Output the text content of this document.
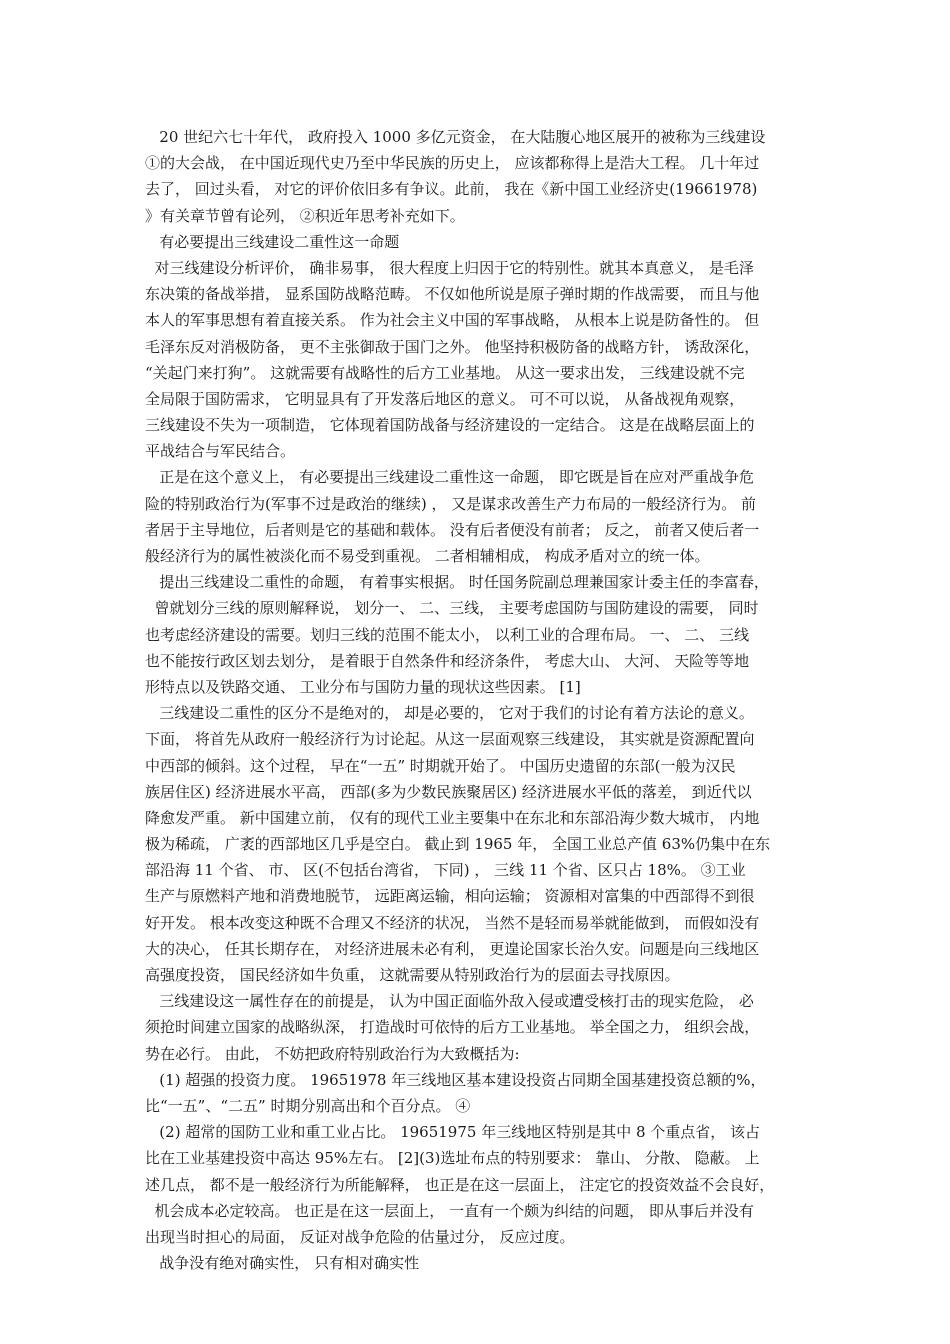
20 世纪六七十年代， 政府投入 1000 多亿元资金， 在大陆腹心地区展开的被称为三线建设
①的大会战， 在中国近现代史乃至中华民族的历史上， 应该都称得上是浩大工程。 几十年过
去了， 回过头看， 对它的评价依旧多有争议。此前， 我在《新中国工业经济史(19661978)
》有关章节曾有论列， ②积近年思考补充如下。
有必要提出三线建设二重性这一命题
对三线建设分析评价， 确非易事， 很大程度上归因于它的特别性。就其本真意义， 是毛泽
东决策的备战举措， 显系国防战略范畴。 不仅如他所说是原子弹时期的作战需要， 而且与他
本人的军事思想有着直接关系。 作为社会主义中国的军事战略， 从根本上说是防备性的。 但
毛泽东反对消极防备， 更不主张御敌于国门之外。 他坚持积极防备的战略方针， 诱敌深化，
“关起门来打狗”。 这就需要有战略性的后方工业基地。 从这一要求出发， 三线建设就不完
全局限于国防需求， 它明显具有了开发落后地区的意义。 可不可以说， 从备战视角观察，
三线建设不失为一项制造， 它体现着国防战备与经济建设的一定结合。 这是在战略层面上的
平战结合与军民结合。
正是在这个意义上， 有必要提出三线建设二重性这一命题， 即它既是旨在应对严重战争危
险的特别政治行为(军事不过是政治的继续) ， 又是谋求改善生产力布局的一般经济行为。 前
者居于主导地位，后者则是它的基础和载体。 没有后者便没有前者； 反之， 前者又使后者一
般经济行为的属性被淡化而不易受到重视。 二者相辅相成， 构成矛盾对立的统一体。
提出三线建设二重性的命题， 有着事实根据。 时任国务院副总理兼国家计委主任的李富春，
曾就划分三线的原则解释说， 划分一、 二、三线， 主要考虑国防与国防建设的需要， 同时
也考虑经济建设的需要。划归三线的范围不能太小， 以利工业的合理布局。 一、 二、 三线
也不能按行政区划去划分， 是着眼于自然条件和经济条件， 考虑大山、 大河、 天险等等地
形特点以及铁路交通、 工业分布与国防力量的现状这些因素。 [1]
三线建设二重性的区分不是绝对的， 却是必要的， 它对于我们的讨论有着方法论的意义。
下面， 将首先从政府一般经济行为讨论起。从这一层面观察三线建设， 其实就是资源配置向
中西部的倾斜。这个过程， 早在“一五” 时期就开始了。 中国历史遗留的东部(一般为汉民
族居住区) 经济进展水平高， 西部(多为少数民族聚居区) 经济进展水平低的落差， 到近代以
降愈发严重。 新中国建立前， 仅有的现代工业主要集中在东北和东部沿海少数大城市， 内地
极为稀疏， 广袤的西部地区几乎是空白。 截止到 1965 年， 全国工业总产值 63%仍集中在东
部沿海 11 个省、 市、 区(不包括台湾省， 下同) ， 三线 11 个省、区只占 18%。 ③工业
生产与原燃料产地和消费地脱节， 远距离运输，相向运输； 资源相对富集的中西部得不到很
好开发。 根本改变这种既不合理又不经济的状况， 当然不是轻而易举就能做到， 而假如没有
大的决心， 任其长期存在， 对经济进展未必有利， 更遑论国家长治久安。问题是向三线地区
高强度投资， 国民经济如牛负重， 这就需要从特别政治行为的层面去寻找原因。
三线建设这一属性存在的前提是， 认为中国正面临外敌入侵或遭受核打击的现实危险， 必
须抢时间建立国家的战略纵深， 打造战时可依恃的后方工业基地。 举全国之力， 组织会战，
势在必行。 由此， 不妨把政府特别政治行为大致概括为:
(1) 超强的投资力度。 19651978 年三线地区基本建设投资占同期全国基建投资总额的%，
比“一五”、“二五” 时期分别高出和个百分点。 ④
(2) 超常的国防工业和重工业占比。 19651975 年三线地区特别是其中 8 个重点省， 该占
比在工业基建投资中高达 95%左右。 [2](3)选址布点的特别要求： 靠山、 分散、 隐蔽。 上
述几点， 都不是一般经济行为所能解释， 也正是在这一层面上， 注定它的投资效益不会良好，
机会成本必定较高。 也正是在这一层面上， 一直有一个颇为纠结的问题， 即从事后并没有
出现当时担心的局面， 反证对战争危险的估量过分， 反应过度。
战争没有绝对确实性， 只有相对确实性
